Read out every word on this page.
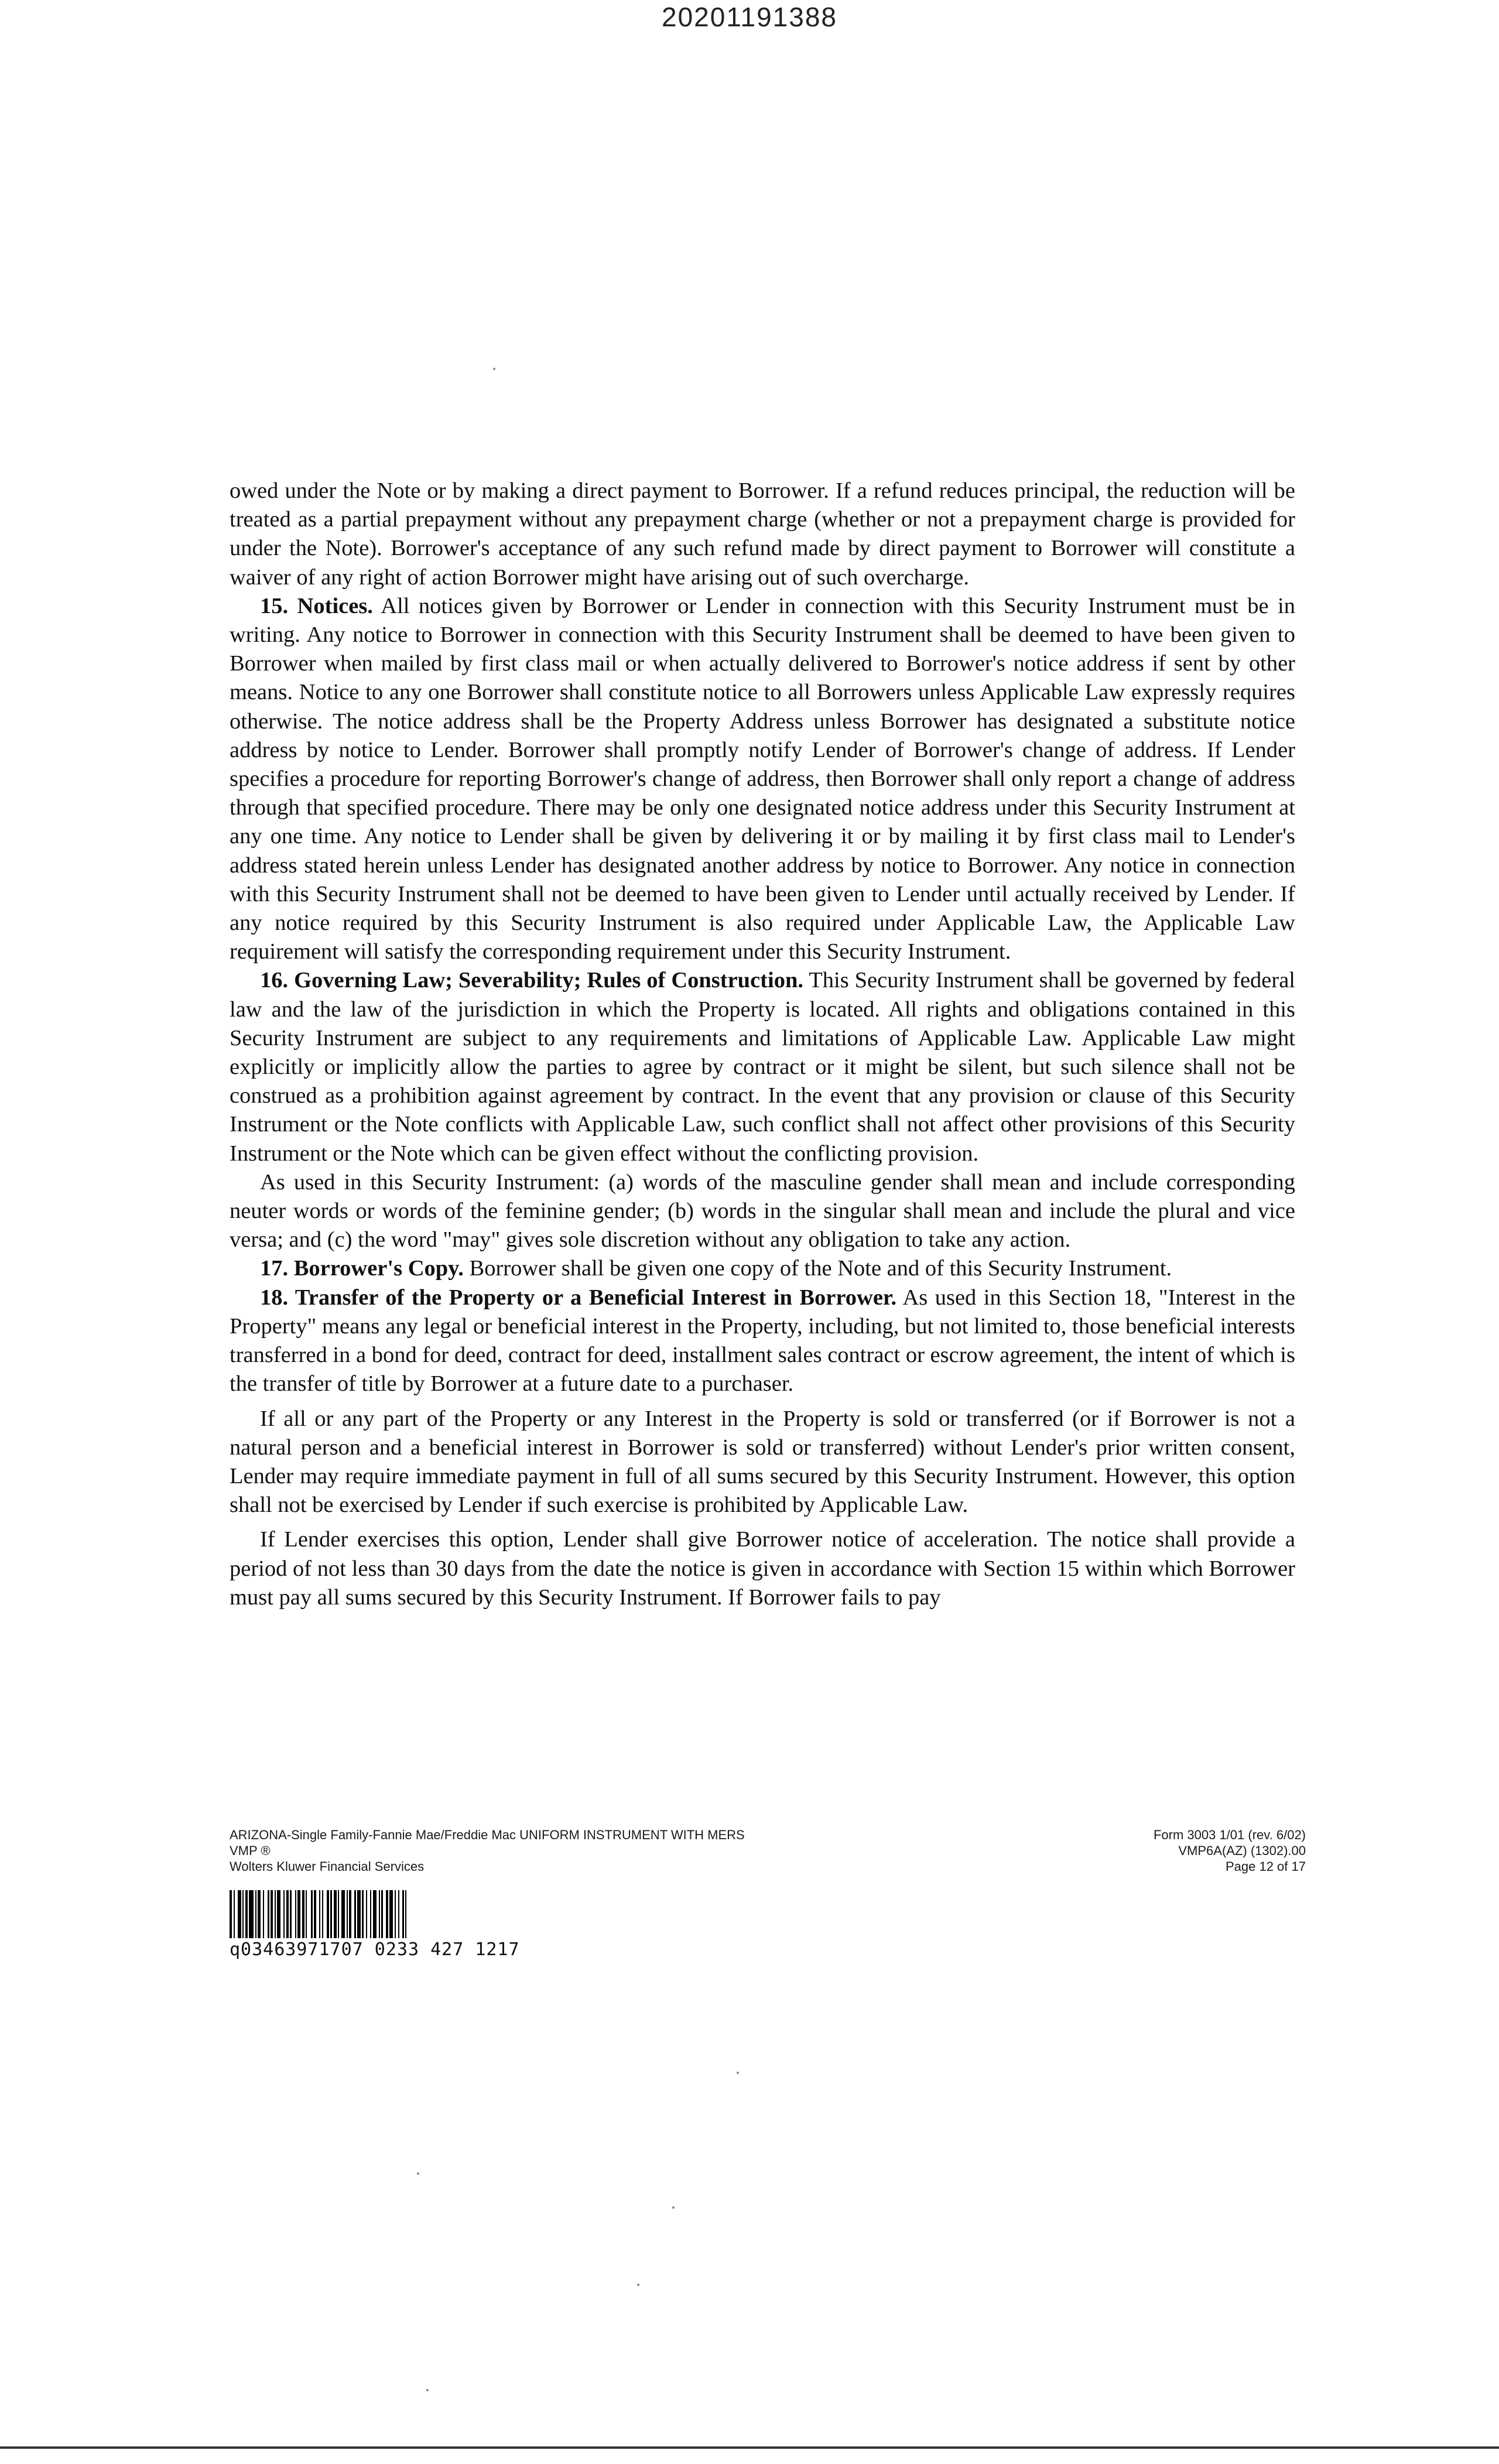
20201191388

owed under the Note or by making a direct payment to Borrower. If a refund reduces principal, the reduction will be treated as a partial prepayment without any prepayment charge (whether or not a prepayment charge is provided for under the Note). Borrower's acceptance of any such refund made by direct payment to Borrower will constitute a waiver of any right of action Borrower might have arising out of such overcharge.

15. Notices. All notices given by Borrower or Lender in connection with this Security Instrument must be in writing. Any notice to Borrower in connection with this Security Instrument shall be deemed to have been given to Borrower when mailed by first class mail or when actually delivered to Borrower's notice address if sent by other means. Notice to any one Borrower shall constitute notice to all Borrowers unless Applicable Law expressly requires otherwise. The notice address shall be the Property Address unless Borrower has designated a substitute notice address by notice to Lender. Borrower shall promptly notify Lender of Borrower's change of address. If Lender specifies a procedure for reporting Borrower's change of address, then Borrower shall only report a change of address through that specified procedure. There may be only one designated notice address under this Security Instrument at any one time. Any notice to Lender shall be given by delivering it or by mailing it by first class mail to Lender's address stated herein unless Lender has designated another address by notice to Borrower. Any notice in connection with this Security Instrument shall not be deemed to have been given to Lender until actually received by Lender. If any notice required by this Security Instrument is also required under Applicable Law, the Applicable Law requirement will satisfy the corresponding requirement under this Security Instrument.

16. Governing Law; Severability; Rules of Construction. This Security Instrument shall be governed by federal law and the law of the jurisdiction in which the Property is located. All rights and obligations contained in this Security Instrument are subject to any requirements and limitations of Applicable Law. Applicable Law might explicitly or implicitly allow the parties to agree by contract or it might be silent, but such silence shall not be construed as a prohibition against agreement by contract. In the event that any provision or clause of this Security Instrument or the Note conflicts with Applicable Law, such conflict shall not affect other provisions of this Security Instrument or the Note which can be given effect without the conflicting provision.

As used in this Security Instrument: (a) words of the masculine gender shall mean and include corresponding neuter words or words of the feminine gender; (b) words in the singular shall mean and include the plural and vice versa; and (c) the word "may" gives sole discretion without any obligation to take any action.

17. Borrower's Copy. Borrower shall be given one copy of the Note and of this Security Instrument.

18. Transfer of the Property or a Beneficial Interest in Borrower. As used in this Section 18, "Interest in the Property" means any legal or beneficial interest in the Property, including, but not limited to, those beneficial interests transferred in a bond for deed, contract for deed, installment sales contract or escrow agreement, the intent of which is the transfer of title by Borrower at a future date to a purchaser.

If all or any part of the Property or any Interest in the Property is sold or transferred (or if Borrower is not a natural person and a beneficial interest in Borrower is sold or transferred) without Lender's prior written consent, Lender may require immediate payment in full of all sums secured by this Security Instrument. However, this option shall not be exercised by Lender if such exercise is prohibited by Applicable Law.

If Lender exercises this option, Lender shall give Borrower notice of acceleration. The notice shall provide a period of not less than 30 days from the date the notice is given in accordance with Section 15 within which Borrower must pay all sums secured by this Security Instrument. If Borrower fails to pay

ARIZONA-Single Family-Fannie Mae/Freddie Mac UNIFORM INSTRUMENT WITH MERS
VMP ®
Wolters Kluwer Financial Services
Form 3003 1/01 (rev. 6/02)
VMP6A(AZ) (1302).00
Page 12 of 17
q03463971707 0233 427 1217
